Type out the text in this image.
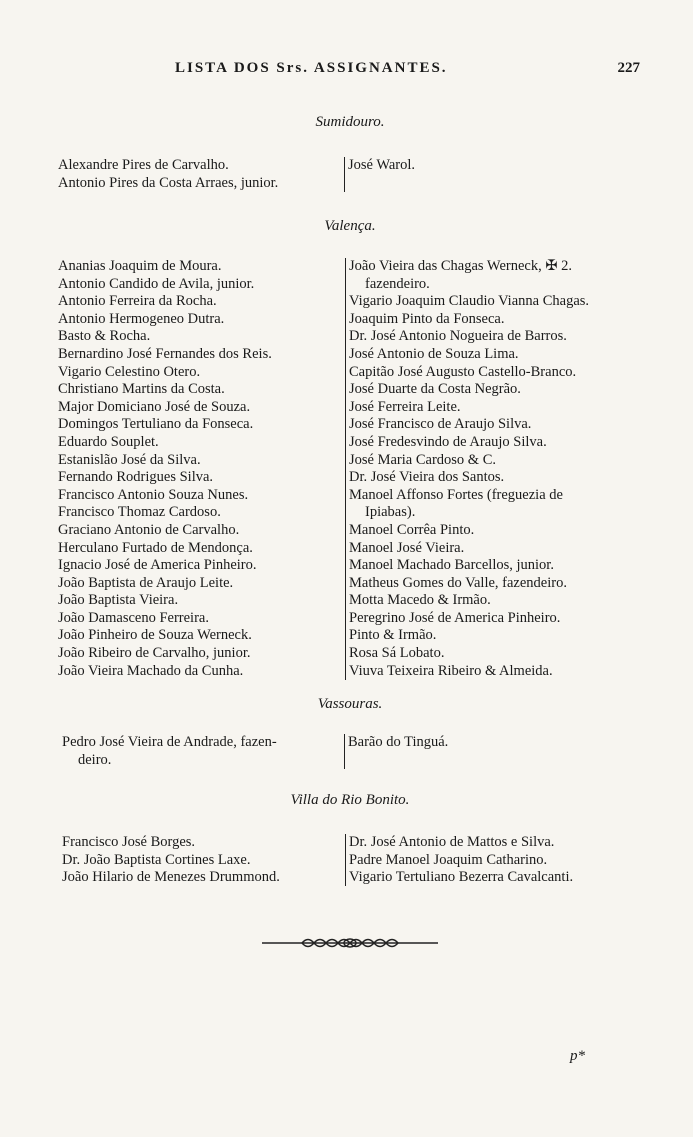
LISTA DOS Srs. ASSIGNANTES.	227
Sumidouro.
Alexandre Pires de Carvalho.
Antonio Pires da Costa Arraes, junior.
José Warol.
Valença.
Ananias Joaquim de Moura.
Antonio Candido de Avila, junior.
Antonio Ferreira da Rocha.
Antonio Hermogeneo Dutra.
Basto & Rocha.
Bernardino José Fernandes dos Reis.
Vigario Celestino Otero.
Christiano Martins da Costa.
Major Domiciano José de Souza.
Domingos Tertuliano da Fonseca.
Eduardo Souplet.
Estanislão José da Silva.
Fernando Rodrigues Silva.
Francisco Antonio Souza Nunes.
Francisco Thomaz Cardoso.
Graciano Antonio de Carvalho.
Herculano Furtado de Mendonça.
Ignacio José de America Pinheiro.
João Baptista de Araujo Leite.
João Baptista Vieira.
João Damasceno Ferreira.
João Pinheiro de Souza Werneck.
João Ribeiro de Carvalho, junior.
João Vieira Machado da Cunha.
João Vieira das Chagas Werneck, ✠ 2.
fazendeiro.
Vigario Joaquim Claudio Vianna Chagas.
Joaquim Pinto da Fonseca.
Dr. José Antonio Nogueira de Barros.
José Antonio de Souza Lima.
Capitão José Augusto Castello-Branco.
José Duarte da Costa Negrão.
José Ferreira Leite.
José Francisco de Araujo Silva.
José Fredesvindo de Araujo Silva.
José Maria Cardoso & C.
Dr. José Vieira dos Santos.
Manoel Affonso Fortes (freguezia de
Ipiabas).
Manoel Corrêa Pinto.
Manoel José Vieira.
Manoel Machado Barcellos, junior.
Matheus Gomes do Valle, fazendeiro.
Motta Macedo & Irmão.
Peregrino José de America Pinheiro.
Pinto & Irmão.
Rosa Sá Lobato.
Viuva Teixeira Ribeiro & Almeida.
Vassouras.
Pedro José Vieira de Andrade, fazen-
deiro.
Barão do Tinguá.
Villa do Rio Bonito.
Francisco José Borges.
Dr. João Baptista Cortines Laxe.
João Hilario de Menezes Drummond.
Dr. José Antonio de Mattos e Silva.
Padre Manoel Joaquim Catharino.
Vigario Tertuliano Bezerra Cavalcanti.
p*
